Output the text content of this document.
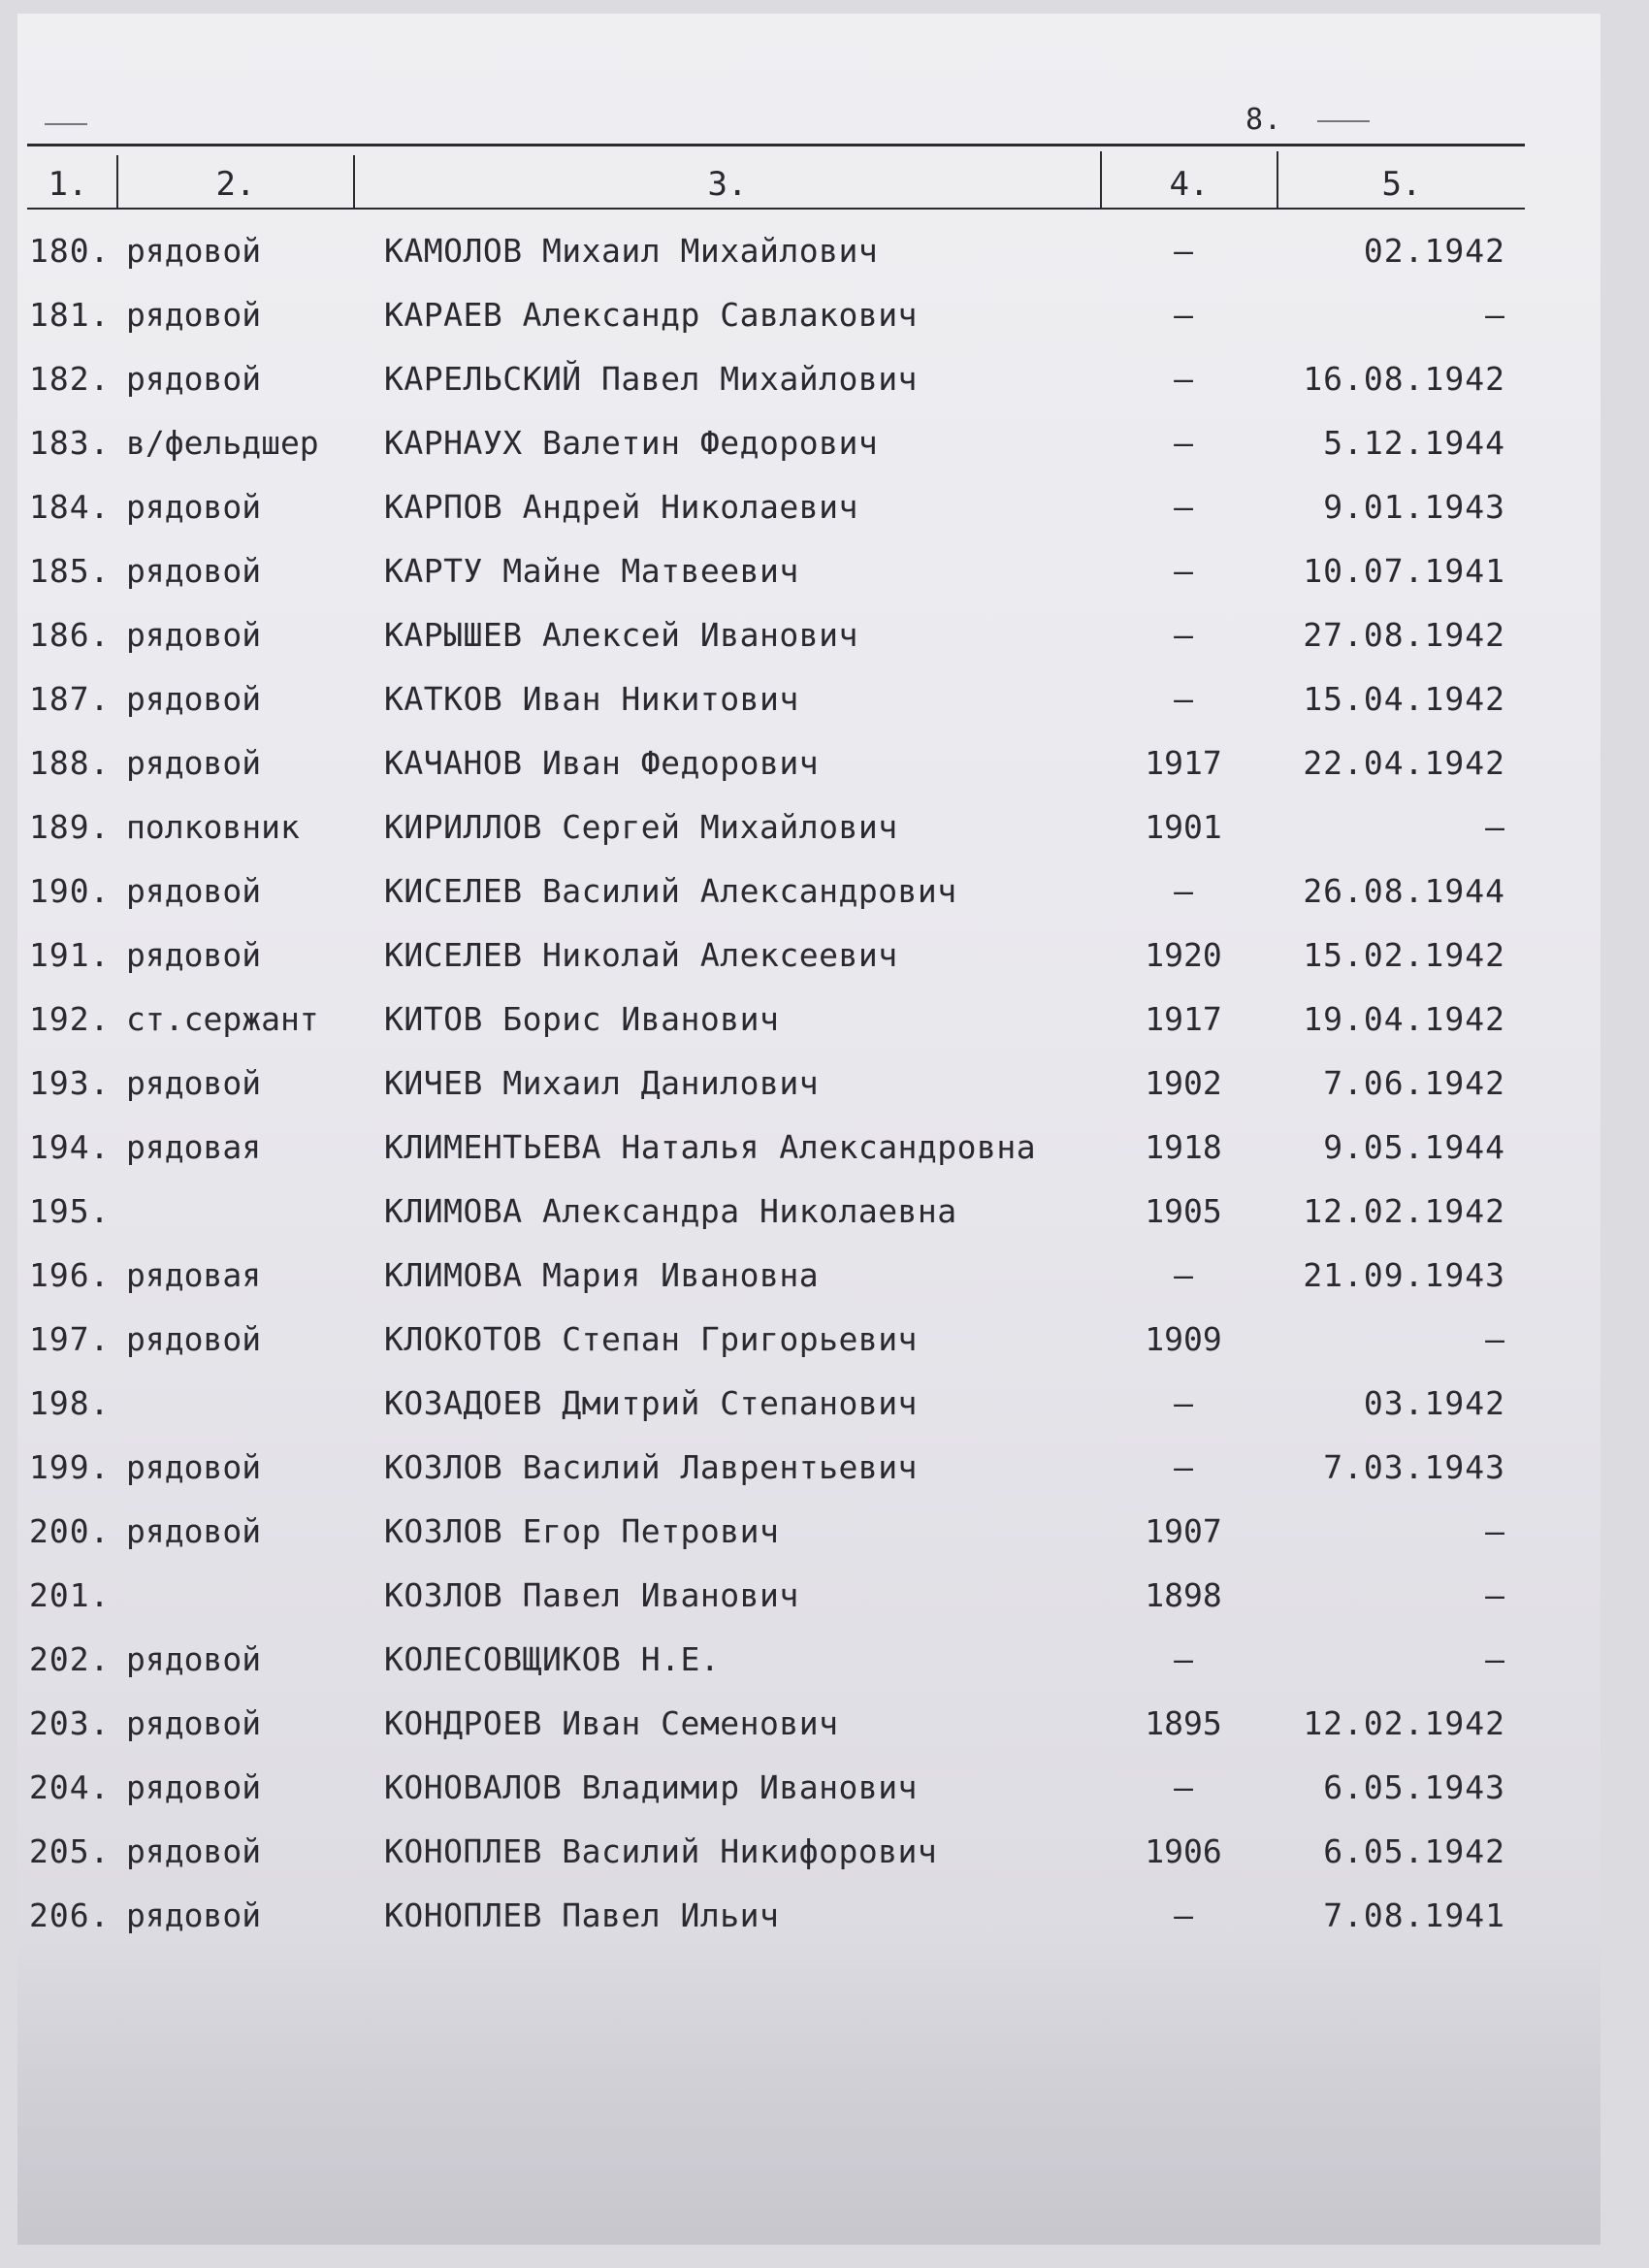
8.
1.	2.	3.	4.	5.
180. рядовой	КАМОЛОВ Михаил Михайлович	–	02.1942
181. рядовой	КАРАЕВ Александр Савлакович	–	–
182. рядовой	КАРЕЛЬСКИЙ Павел Михайлович	–	16.08.1942
183. в/фельдшер	КАРНАУХ Валетин Федорович	–	5.12.1944
184. рядовой	КАРПОВ Андрей Николаевич	–	9.01.1943
185. рядовой	КАРТУ Майне Матвеевич	–	10.07.1941
186. рядовой	КАРЫШЕВ Алексей Иванович	–	27.08.1942
187. рядовой	КАТКОВ Иван Никитович	–	15.04.1942
188. рядовой	КАЧАНОВ Иван Федорович	1917	22.04.1942
189. полковник	КИРИЛЛОВ Сергей Михайлович	1901	–
190. рядовой	КИСЕЛЕВ Василий Александрович	–	26.08.1944
191. рядовой	КИСЕЛЕВ Николай Алексеевич	1920	15.02.1942
192. ст.сержант	КИТОВ Борис Иванович	1917	19.04.1942
193. рядовой	КИЧЕВ Михаил Данилович	1902	7.06.1942
194. рядовая	КЛИМЕНТЬЕВА Наталья Александровна	1918	9.05.1944
195.	КЛИМОВА Александра Николаевна	1905	12.02.1942
196. рядовая	КЛИМОВА Мария Ивановна	–	21.09.1943
197. рядовой	КЛОКОТОВ Степан Григорьевич	1909	–
198.	КОЗАДОЕВ Дмитрий Степанович	–	03.1942
199. рядовой	КОЗЛОВ Василий Лаврентьевич	–	7.03.1943
200. рядовой	КОЗЛОВ Егор Петрович	1907	–
201.	КОЗЛОВ Павел Иванович	1898	–
202. рядовой	КОЛЕСОВЩИКОВ Н.Е.	–	–
203. рядовой	КОНДРОЕВ Иван Семенович	1895	12.02.1942
204. рядовой	КОНОВАЛОВ Владимир Иванович	–	6.05.1943
205. рядовой	КОНОПЛЕВ Василий Никифорович	1906	6.05.1942
206. рядовой	КОНОПЛЕВ Павел Ильич	–	7.08.1941
